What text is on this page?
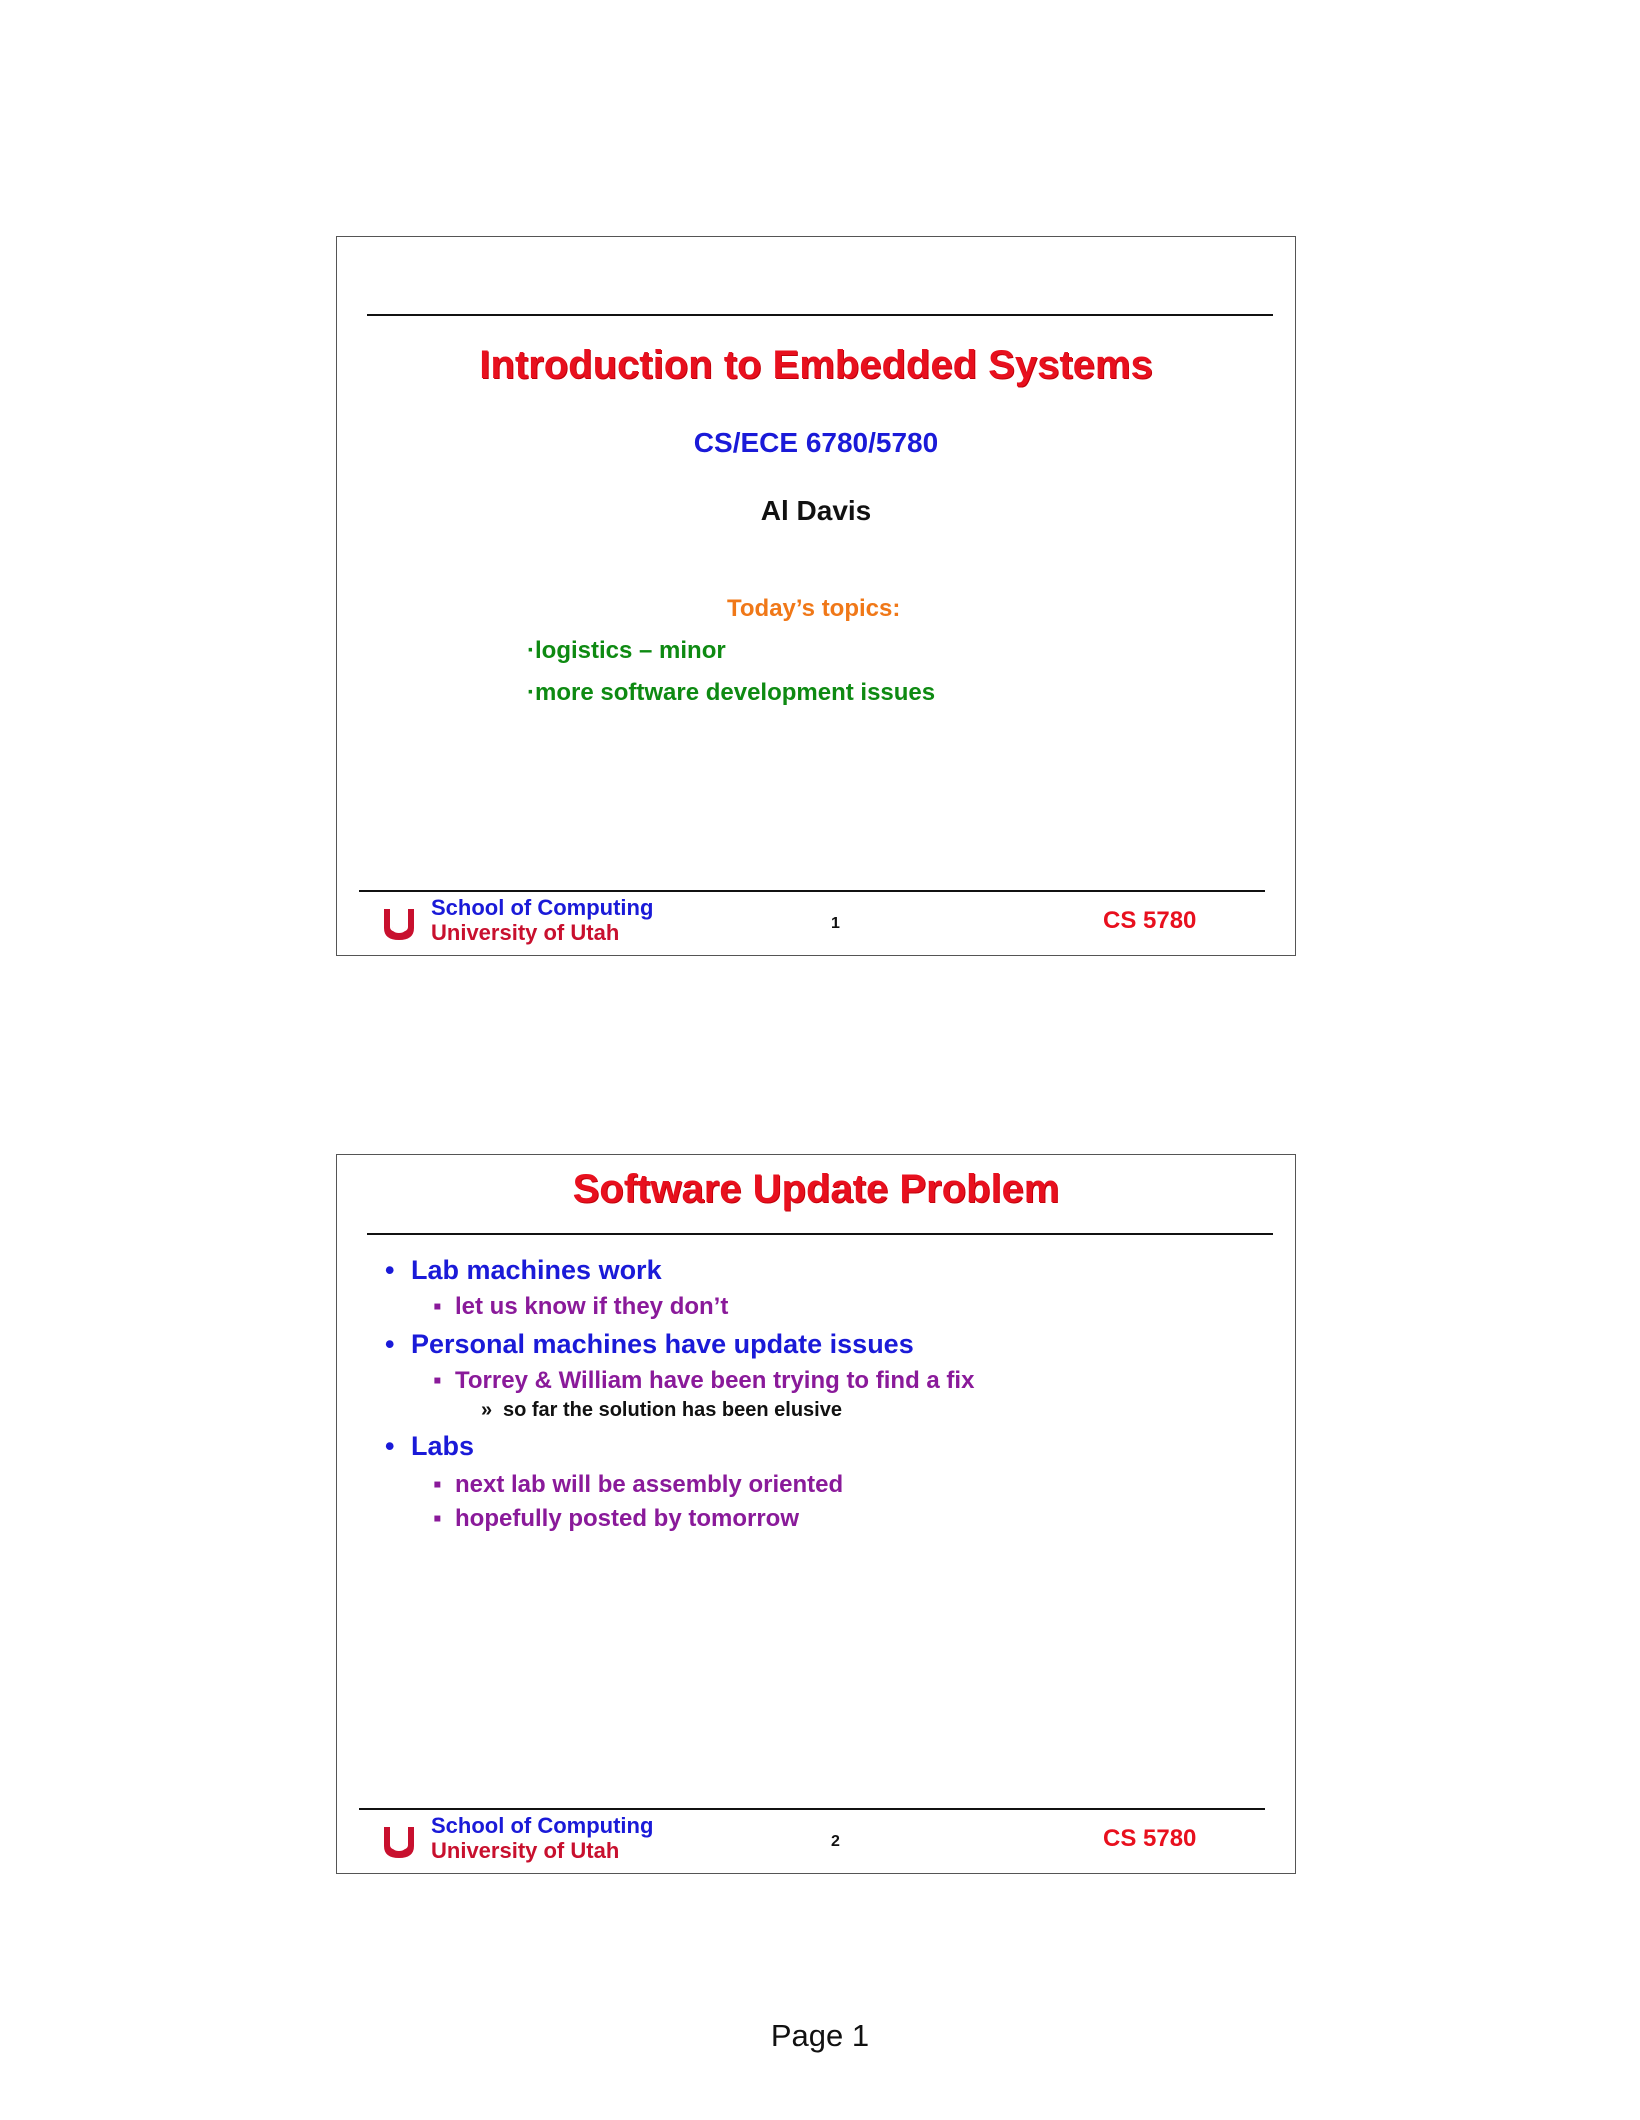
Introduction to Embedded Systems
CS/ECE 6780/5780
Al Davis
Today’s topics:
·logistics – minor
·more software development issues
School of Computing
University of Utah	1	CS 5780
Software Update Problem
• Lab machines work
▪ let us know if they don’t
• Personal machines have update issues
▪ Torrey & William have been trying to find a fix
» so far the solution has been elusive
• Labs
▪ next lab will be assembly oriented
▪ hopefully posted by tomorrow
School of Computing
University of Utah	2	CS 5780
Page 1
